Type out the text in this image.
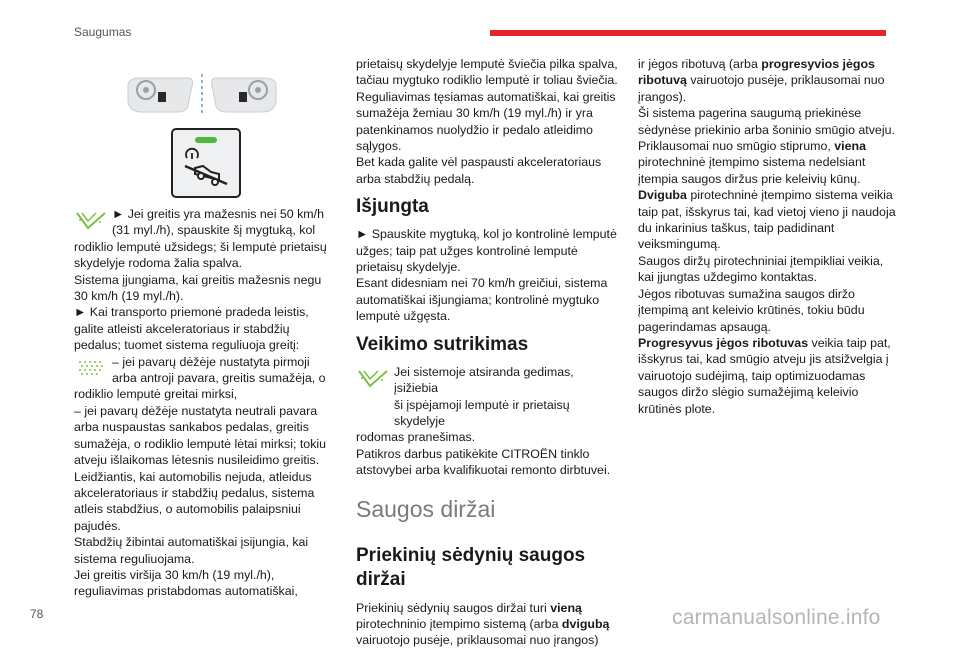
Saugumas
► Jei greitis yra mažesnis nei 50 km/h
(31 myl./h), spauskite šį mygtuką, kol

rodiklio lemputė užsidegs; ši lemputė prietaisų skydelyje rodoma žalia spalva.

Sistema įjungiama, kai greitis mažesnis negu 30 km/h (19 myl./h).

► Kai transporto priemonė pradeda leistis, galite atleisti akceleratoriaus ir stabdžių pedalus; tuomet sistema reguliuoja greitį:

– jei pavarų dėžėje nustatyta pirmoji
arba antroji pavara, greitis sumažėja, o

rodiklio lemputė greitai mirksi,

– jei pavarų dėžėje nustatyta neutrali pavara arba nuspaustas sankabos pedalas, greitis sumažėja, o rodiklio lemputė lėtai mirksi; tokiu atveju išlaikomas lėtesnis nusileidimo greitis.

Leidžiantis, kai automobilis nejuda, atleidus akceleratoriaus ir stabdžių pedalus, sistema atleis stabdžius, o automobilis palaipsniui pajudės.

Stabdžių žibintai automatiškai įsijungia, kai sistema reguliuojama.

Jei greitis viršija 30 km/h (19 myl./h), reguliavimas pristabdomas automatiškai,

prietaisų skydelyje lemputė šviečia pilka spalva, tačiau mygtuko rodiklio lemputė ir toliau šviečia.

Reguliavimas tęsiamas automatiškai, kai greitis sumažėja žemiau 30 km/h (19 myl./h) ir yra patenkinamos nuolydžio ir pedalo atleidimo sąlygos.

Bet kada galite vėl paspausti akceleratoriaus arba stabdžių pedalą.

Išjungta

► Spauskite mygtuką, kol jo kontrolinė lemputė užges; taip pat užges kontrolinė lemputė prietaisų skydelyje.

Esant didesniam nei 70 km/h greičiui, sistema automatiškai išjungiama; kontrolinė mygtuko lemputė užgęsta.

Veikimo sutrikimas
Jei sistemoje atsiranda gedimas, įsižiebia
ši įspėjamoji lemputė ir prietaisų skydelyje

rodomas pranešimas.

Patikros darbus patikėkite CITROËN tinklo atstovybei arba kvalifikuotai remonto dirbtuvei.

Saugos diržai
Priekinių sėdynių saugos diržai

Priekinių sėdynių saugos diržai turi vieną pirotechninio įtempimo sistemą (arba dvigubą vairuotojo pusėje, priklausomai nuo įrangos)

ir jėgos ribotuvą (arba progresyvios jėgos ribotuvą vairuotojo pusėje, priklausomai nuo įrangos).

Ši sistema pagerina saugumą priekinėse sėdynėse priekinio arba šoninio smūgio atveju.

Priklausomai nuo smūgio stiprumo, viena pirotechninė įtempimo sistema nedelsiant įtempia saugos diržus prie keleivių kūnų.

Dviguba pirotechninė įtempimo sistema veikia taip pat, išskyrus tai, kad vietoj vieno ji naudoja du inkarinius taškus, taip padidinant veiksmingumą.

Saugos diržų pirotechniniai įtempikliai veikia, kai įjungtas uždegimo kontaktas.

Jėgos ribotuvas sumažina saugos diržo įtempimą ant keleivio krūtinės, tokiu būdu pagerindamas apsaugą.

Progresyvus jėgos ribotuvas veikia taip pat, išskyrus tai, kad smūgio atveju jis atsižvelgia į vairuotojo sudėjimą, taip optimizuodamas saugos diržo slėgio sumažėjimą keleivio krūtinės plote.

78	carmanualsonline.info
